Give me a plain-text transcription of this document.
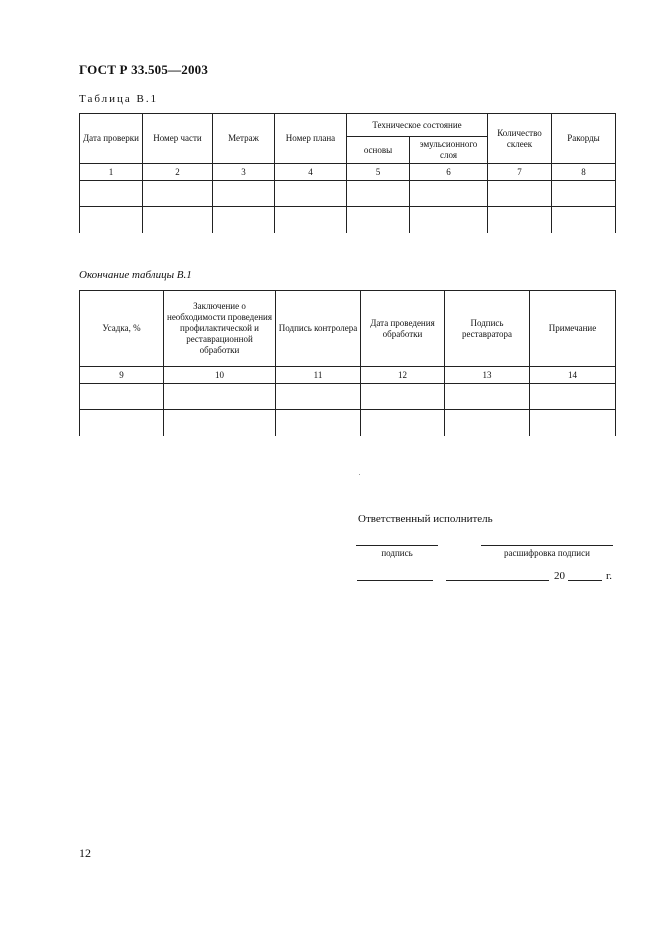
ГОСТ Р 33.505—2003
Таблица В.1
Дата проверки	Номер части	Метраж	Номер плана	Техническое состояние		Количество склеек	Ракорды
				основы	эмульсионного слоя		
1	2	3	4	5	6	7	8

Окончание таблицы В.1
Усадка, %	Заключение о необходимости проведения профилактической и реставрационной обработки	Подпись контролера	Дата проведения обработки	Подпись реставратора	Примечание
9	10	11	12	13	14

Ответственный исполнитель
подпись	расшифровка подписи
20	г.
12
